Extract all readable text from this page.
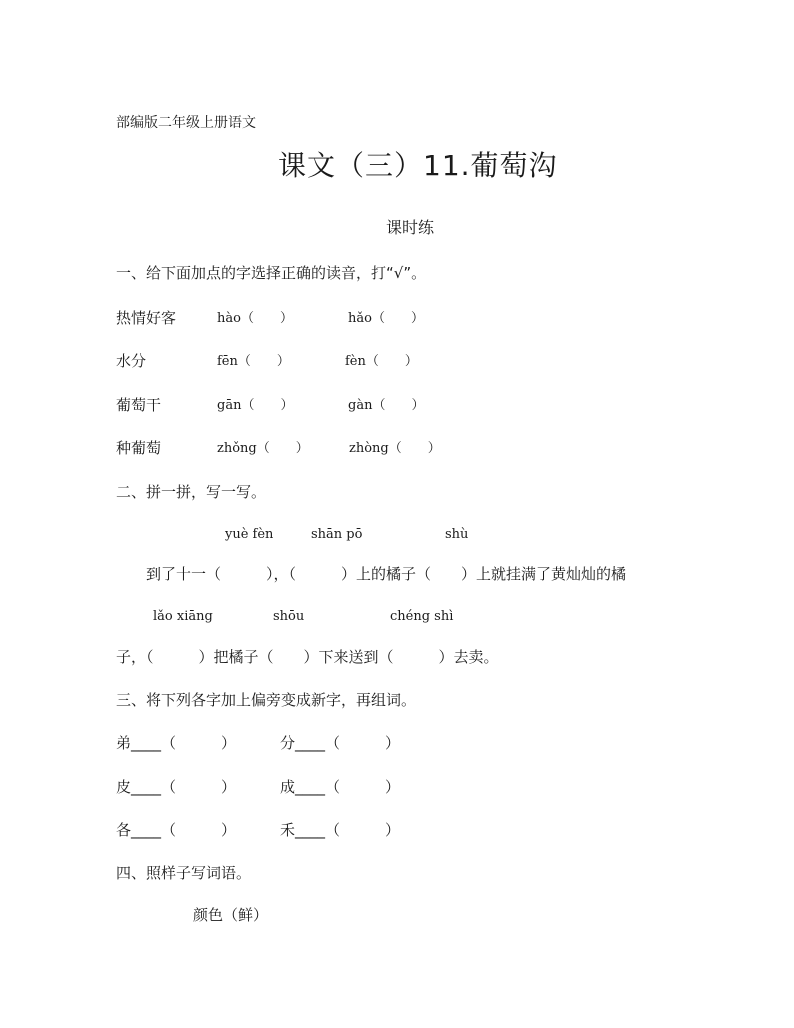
部编版二年级上册语文
课文（三）11.葡萄沟
课时练
一、给下面加点的字选择正确的读音，打“√”。
热情好客	hào（　　）	hǎo（　　）
水分	fēn（　　）	fèn（　　）
葡萄干	gān（　　）	gàn（　　）
种葡萄	zhǒng（　　）	zhòng（　　）
二、拼一拼，写一写。
yuè fèn	shān pō	shù
到了十一（　　　），（　　　）上的橘子（　　）上就挂满了黄灿灿的橘
lǎo xiāng	shōu	chéng shì
子，（　　　）把橘子（　　）下来送到（　　　）去卖。
三、将下列各字加上偏旁变成新字，再组词。
弟____（　　　）	分____（　　　）
皮____（　　　）	成____（　　　）
各____（　　　）	禾____（　　　）
四、照样子写词语。
颜色（鲜）
